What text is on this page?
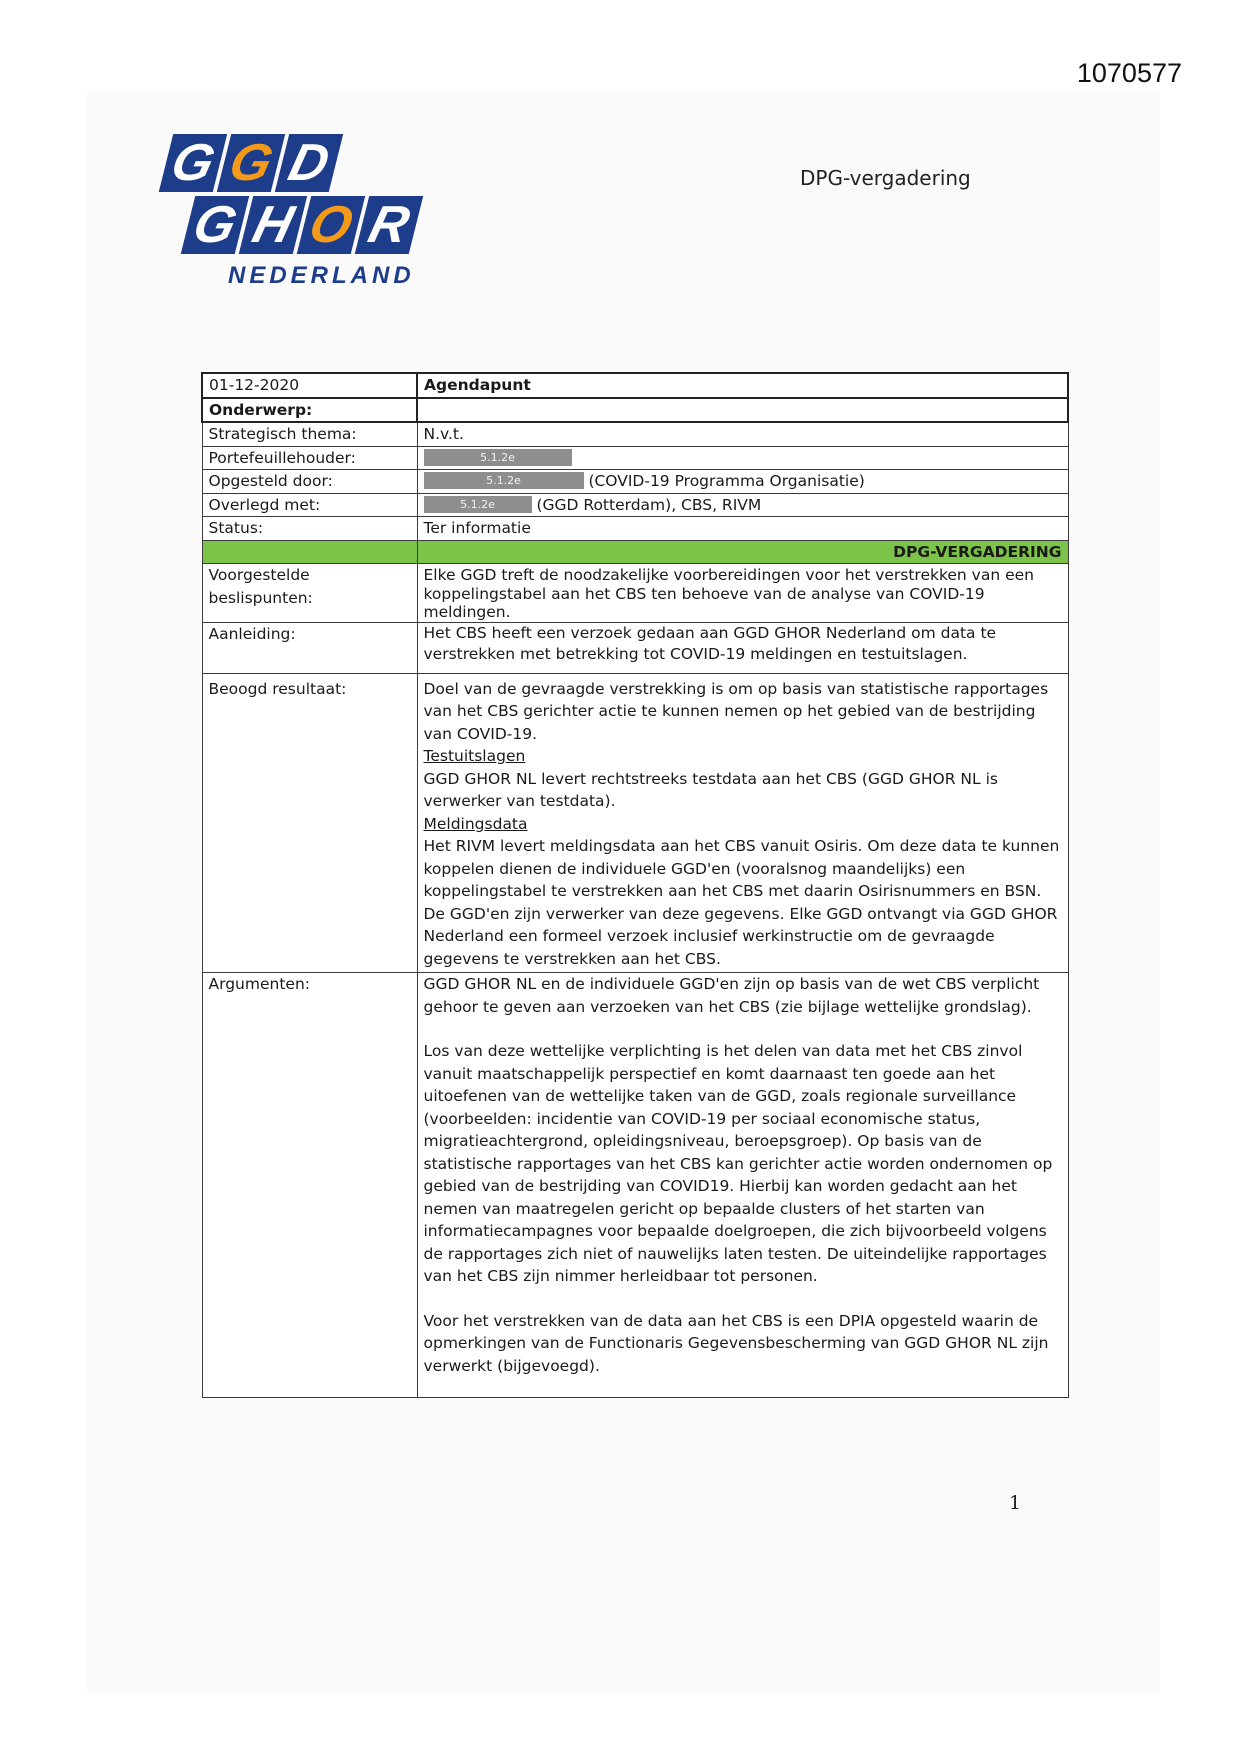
1070577
G G D
G H O R
NEDERLAND
DPG-vergadering
01-12-2020	Agendapunt
Onderwerp:	
Strategisch thema:	N.v.t.
Portefeuillehouder:	5.1.2e
Opgesteld door:	5.1.2e (COVID-19 Programma Organisatie)
Overlegd met:	5.1.2e (GGD Rotterdam), CBS, RIVM
Status:	Ter informatie
	DPG-VERGADERING

Voorgestelde
beslispunten:	Elke GGD treft de noodzakelijke voorbereidingen voor het verstrekken van een koppelingstabel aan het CBS ten behoeve van de analyse van COVID-19 meldingen.
Aanleiding:	Het CBS heeft een verzoek gedaan aan GGD GHOR Nederland om data te verstrekken met betrekking tot COVID-19 meldingen en testuitslagen.
Beoogd resultaat:	Doel van de gevraagde verstrekking is om op basis van statistische rapportages van het CBS gerichter actie te kunnen nemen op het gebied van de bestrijding van COVID-19.

Testuitslagen

GGD GHOR NL levert rechtstreeks testdata aan het CBS (GGD GHOR NL is verwerker van testdata).

Meldingsdata

Het RIVM levert meldingsdata aan het CBS vanuit Osiris. Om deze data te kunnen koppelen dienen de individuele GGD'en (vooralsnog maandelijks) een koppelingstabel te verstrekken aan het CBS met daarin Osirisnummers en BSN. De GGD'en zijn verwerker van deze gegevens. Elke GGD ontvangt via GGD GHOR Nederland een formeel verzoek inclusief werkinstructie om de gevraagde gegevens te verstrekken aan het CBS.

Argumenten:	GGD GHOR NL en de individuele GGD'en zijn op basis van de wet CBS verplicht gehoor te geven aan verzoeken van het CBS (zie bijlage wettelijke grondslag).

Los van deze wettelijke verplichting is het delen van data met het CBS zinvol vanuit maatschappelijk perspectief en komt daarnaast ten goede aan het uitoefenen van de wettelijke taken van de GGD, zoals regionale surveillance (voorbeelden: incidentie van COVID-19 per sociaal economische status, migratieachtergrond, opleidingsniveau, beroepsgroep). Op basis van de statistische rapportages van het CBS kan gerichter actie worden ondernomen op gebied van de bestrijding van COVID19. Hierbij kan worden gedacht aan het nemen van maatregelen gericht op bepaalde clusters of het starten van informatiecampagnes voor bepaalde doelgroepen, die zich bijvoorbeeld volgens de rapportages zich niet of nauwelijks laten testen. De uiteindelijke rapportages van het CBS zijn nimmer herleidbaar tot personen.

Voor het verstrekken van de data aan het CBS is een DPIA opgesteld waarin de opmerkingen van de Functionaris Gegevensbescherming van GGD GHOR NL zijn verwerkt (bijgevoegd).

1
